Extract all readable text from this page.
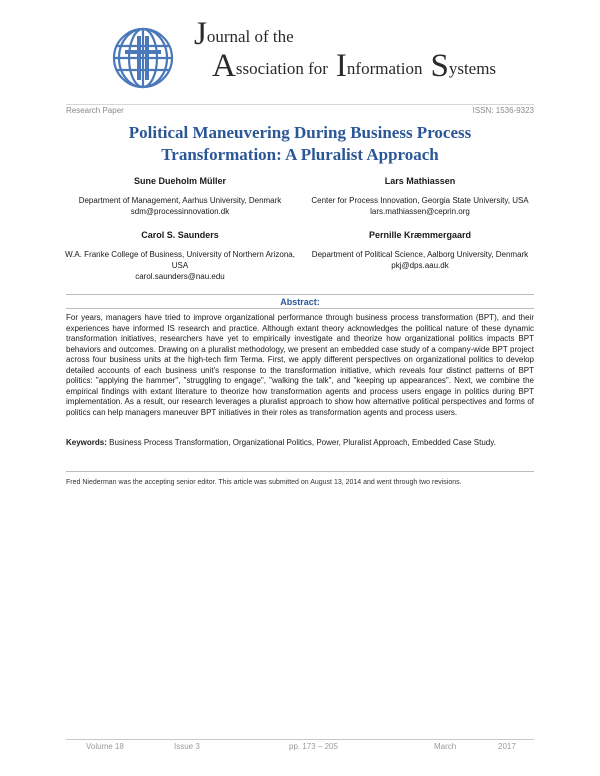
Journal of the
Association for Information Systems
Research Paper	ISSN: 1536-9323
Political Maneuvering During Business Process
Transformation: A Pluralist Approach
Sune Dueholm Müller
Department of Management, Aarhus University, Denmark
sdm@processinnovation.dk
Lars Mathiassen
Center for Process Innovation, Georgia State University, USA
lars.mathiassen@ceprin.org
Carol S. Saunders
W.A. Franke College of Business, University of Northern Arizona, USA
carol.saunders@nau.edu
Pernille Kræmmergaard
Department of Political Science, Aalborg University, Denmark
pkj@dps.aau.dk
Abstract:

For years, managers have tried to improve organizational performance through business process transformation (BPT), and their experiences have informed IS research and practice. Although extant theory acknowledges the political nature of these dynamic transformation initiatives, researchers have yet to empirically investigate and theorize how organizational politics impacts BPT behaviors and outcomes. Drawing on a pluralist methodology, we present an embedded case study of a company-wide BPT project across four business units at the high-tech firm Terma. First, we apply different perspectives on organizational politics to develop detailed accounts of each business unit's response to the transformation initiative, which reveals four distinct patterns of BPT politics: "applying the hammer", "struggling to engage", "walking the talk", and "keeping up appearances". Next, we combine the empirical findings with extant literature to theorize how transformation agents and process users engage in politics during BPT implementation. As a result, our research leverages a pluralist approach to show how alternative political perspectives and forms of politics can help managers maneuver BPT initiatives in their roles as transformation agents and process users.

Keywords: Business Process Transformation, Organizational Politics, Power, Pluralist Approach, Embedded Case Study.
Fred Niederman was the accepting senior editor. This article was submitted on August 13, 2014 and went through two revisions.
Volume 18	Issue 3	pp. 173 – 205	March	2017
